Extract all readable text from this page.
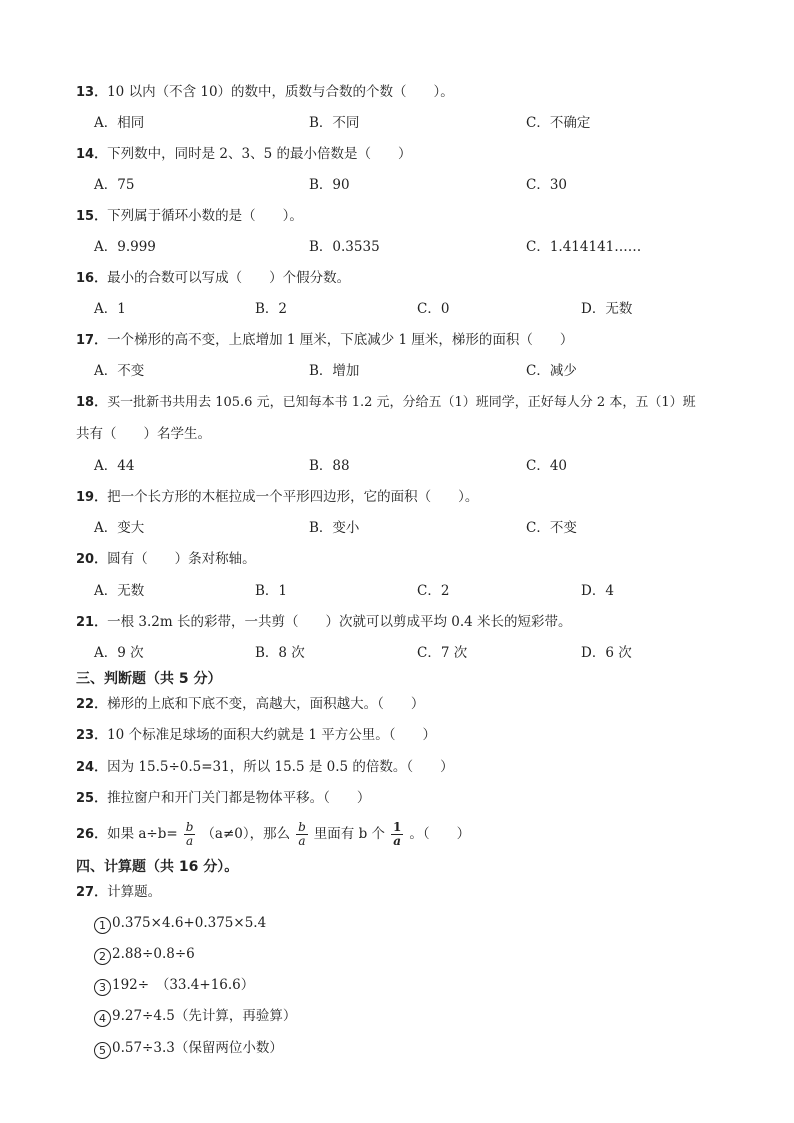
13．10 以内（不含 10）的数中，质数与合数的个数（　　）。
A．相同	B．不同	C．不确定
14．下列数中，同时是 2、3、5 的最小倍数是（　　）
A．75	B．90	C．30
15．下列属于循环小数的是（　　）。
A．9.999	B．0.3535	C．1.414141……
16．最小的合数可以写成（　　）个假分数。
A．1	B．2	C．0	D．无数
17．一个梯形的高不变，上底增加 1 厘米，下底减少 1 厘米，梯形的面积（　　）
A．不变	B．增加	C．减少
18．买一批新书共用去 105.6 元，已知每本书 1.2 元，分给五（1）班同学，正好每人分 2 本，五（1）班
共有（　　）名学生。
A．44	B．88	C．40
19．把一个长方形的木框拉成一个平形四边形，它的面积（　　）。
A．变大	B．变小	C．不变
20．圆有（　　）条对称轴。
A．无数	B．1	C．2	D．4
21．一根 3.2m 长的彩带，一共剪（　　）次就可以剪成平均 0.4 米长的短彩带。
A．9 次	B．8 次	C．7 次	D．6 次
三、判断题（共 5 分）
22．梯形的上底和下底不变，高越大，面积越大。（　　）
23．10 个标准足球场的面积大约就是 1 平方公里。（　　）
24．因为 15.5÷0.5=31，所以 15.5 是 0.5 的倍数。（　　）
25．推拉窗户和开门关门都是物体平移。（　　）
26．如果 $a\div b= \frac{b}{a} (a\ne 0)$，那么 $\frac{b}{a}$ 里面有 b 个 $\frac{1}{a}$ 。（　　）
四、计算题（共 16 分）。
27．计算题。
1 0.375×4.6+0.375×5.4
2 2.88÷0.8÷6
3 192÷　（33.4+16.6）
4 9.27÷4.5（先计算，再验算）
5 0.57÷3.3（保留两位小数）
